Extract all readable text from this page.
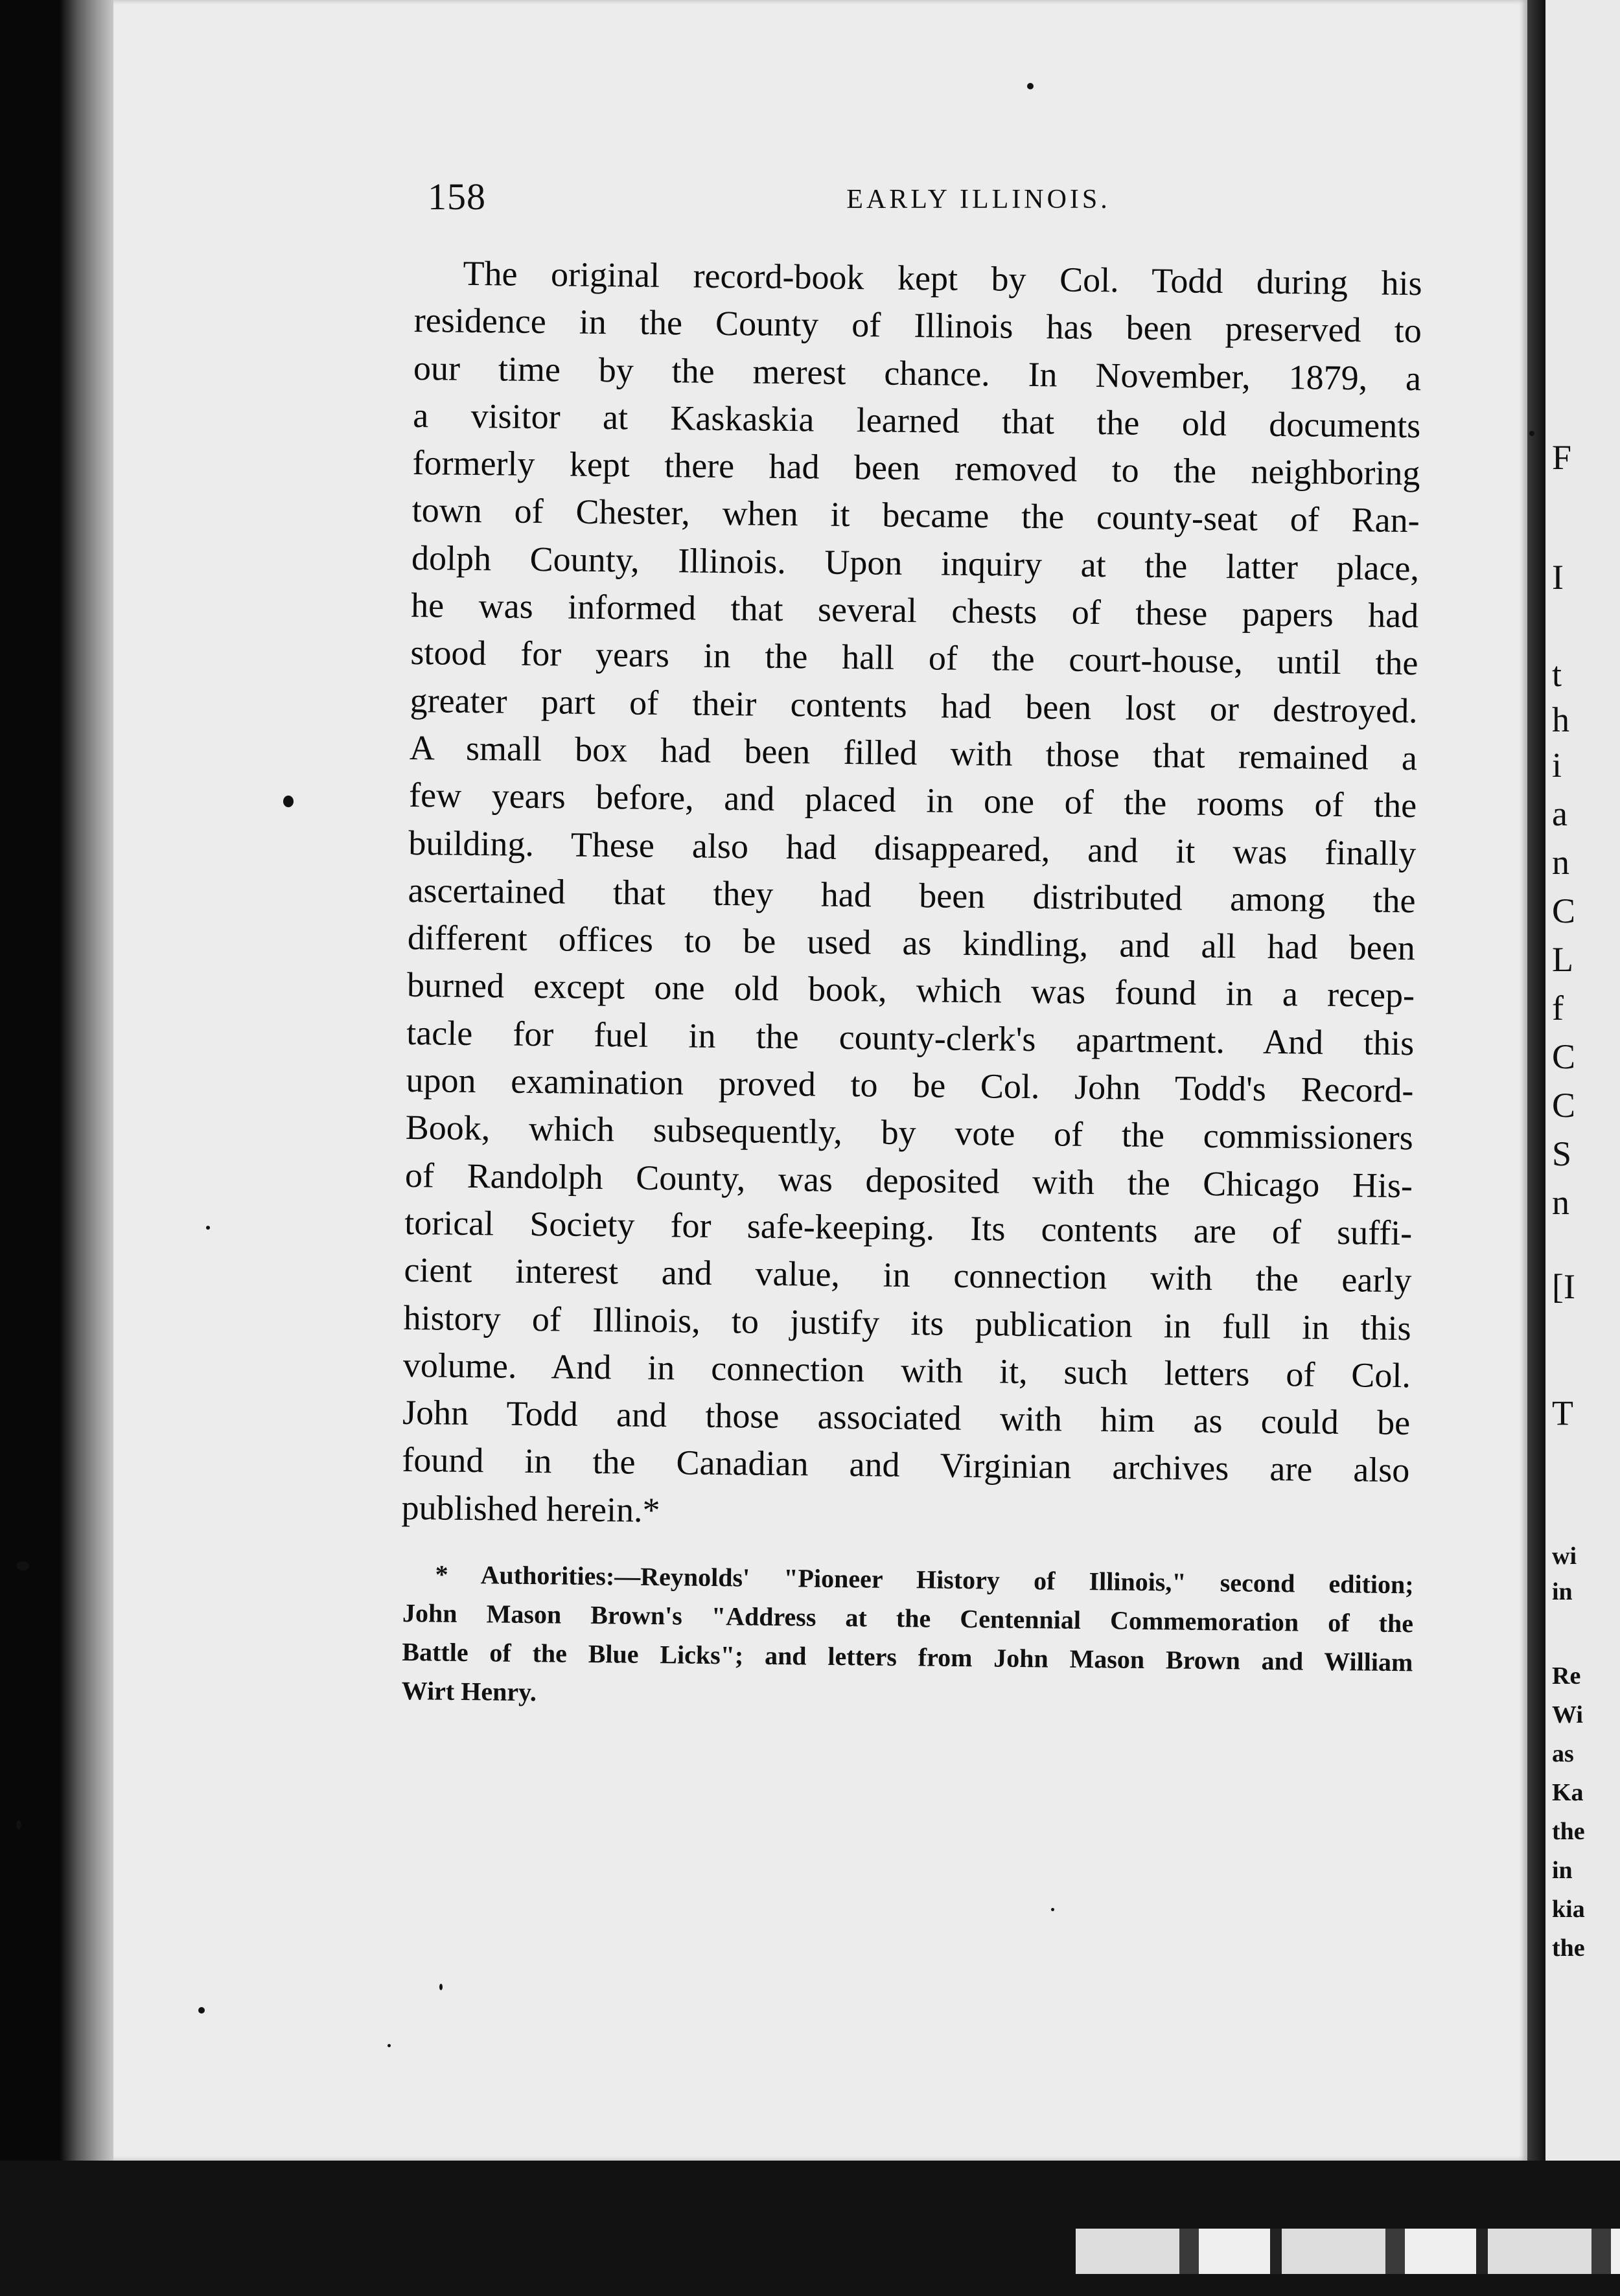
158	EARLY ILLINOIS.
The original record-book kept by Col. Todd during his
residence in the County of Illinois has been preserved to
our time by the merest chance. In November, 1879, a
a visitor at Kaskaskia learned that the old documents
formerly kept there had been removed to the neighboring
town of Chester, when it became the county-seat of Ran-
dolph County, Illinois. Upon inquiry at the latter place,
he was informed that several chests of these papers had
stood for years in the hall of the court-house, until the
greater part of their contents had been lost or destroyed.
A small box had been filled with those that remained a
few years before, and placed in one of the rooms of the
building. These also had disappeared, and it was finally
ascertained that they had been distributed among the
different offices to be used as kindling, and all had been
burned except one old book, which was found in a recep-
tacle for fuel in the county-clerk's apartment. And this
upon examination proved to be Col. John Todd's Record-
Book, which subsequently, by vote of the commissioners
of Randolph County, was deposited with the Chicago His-
torical Society for safe-keeping. Its contents are of suffi-
cient interest and value, in connection with the early
history of Illinois, to justify its publication in full in this
volume. And in connection with it, such letters of Col.
John Todd and those associated with him as could be
found in the Canadian and Virginian archives are also
published herein.*
* Authorities:—Reynolds' "Pioneer History of Illinois," second edition;
John Mason Brown's "Address at the Centennial Commemoration of the
Battle of the Blue Licks"; and letters from John Mason Brown and William
Wirt Henry.
F
I
t
h
i
a
n
C
L
f
C
C
S
n
[I
T
wi
in
Re
Wi
as
Ka
the
in
kia
the
